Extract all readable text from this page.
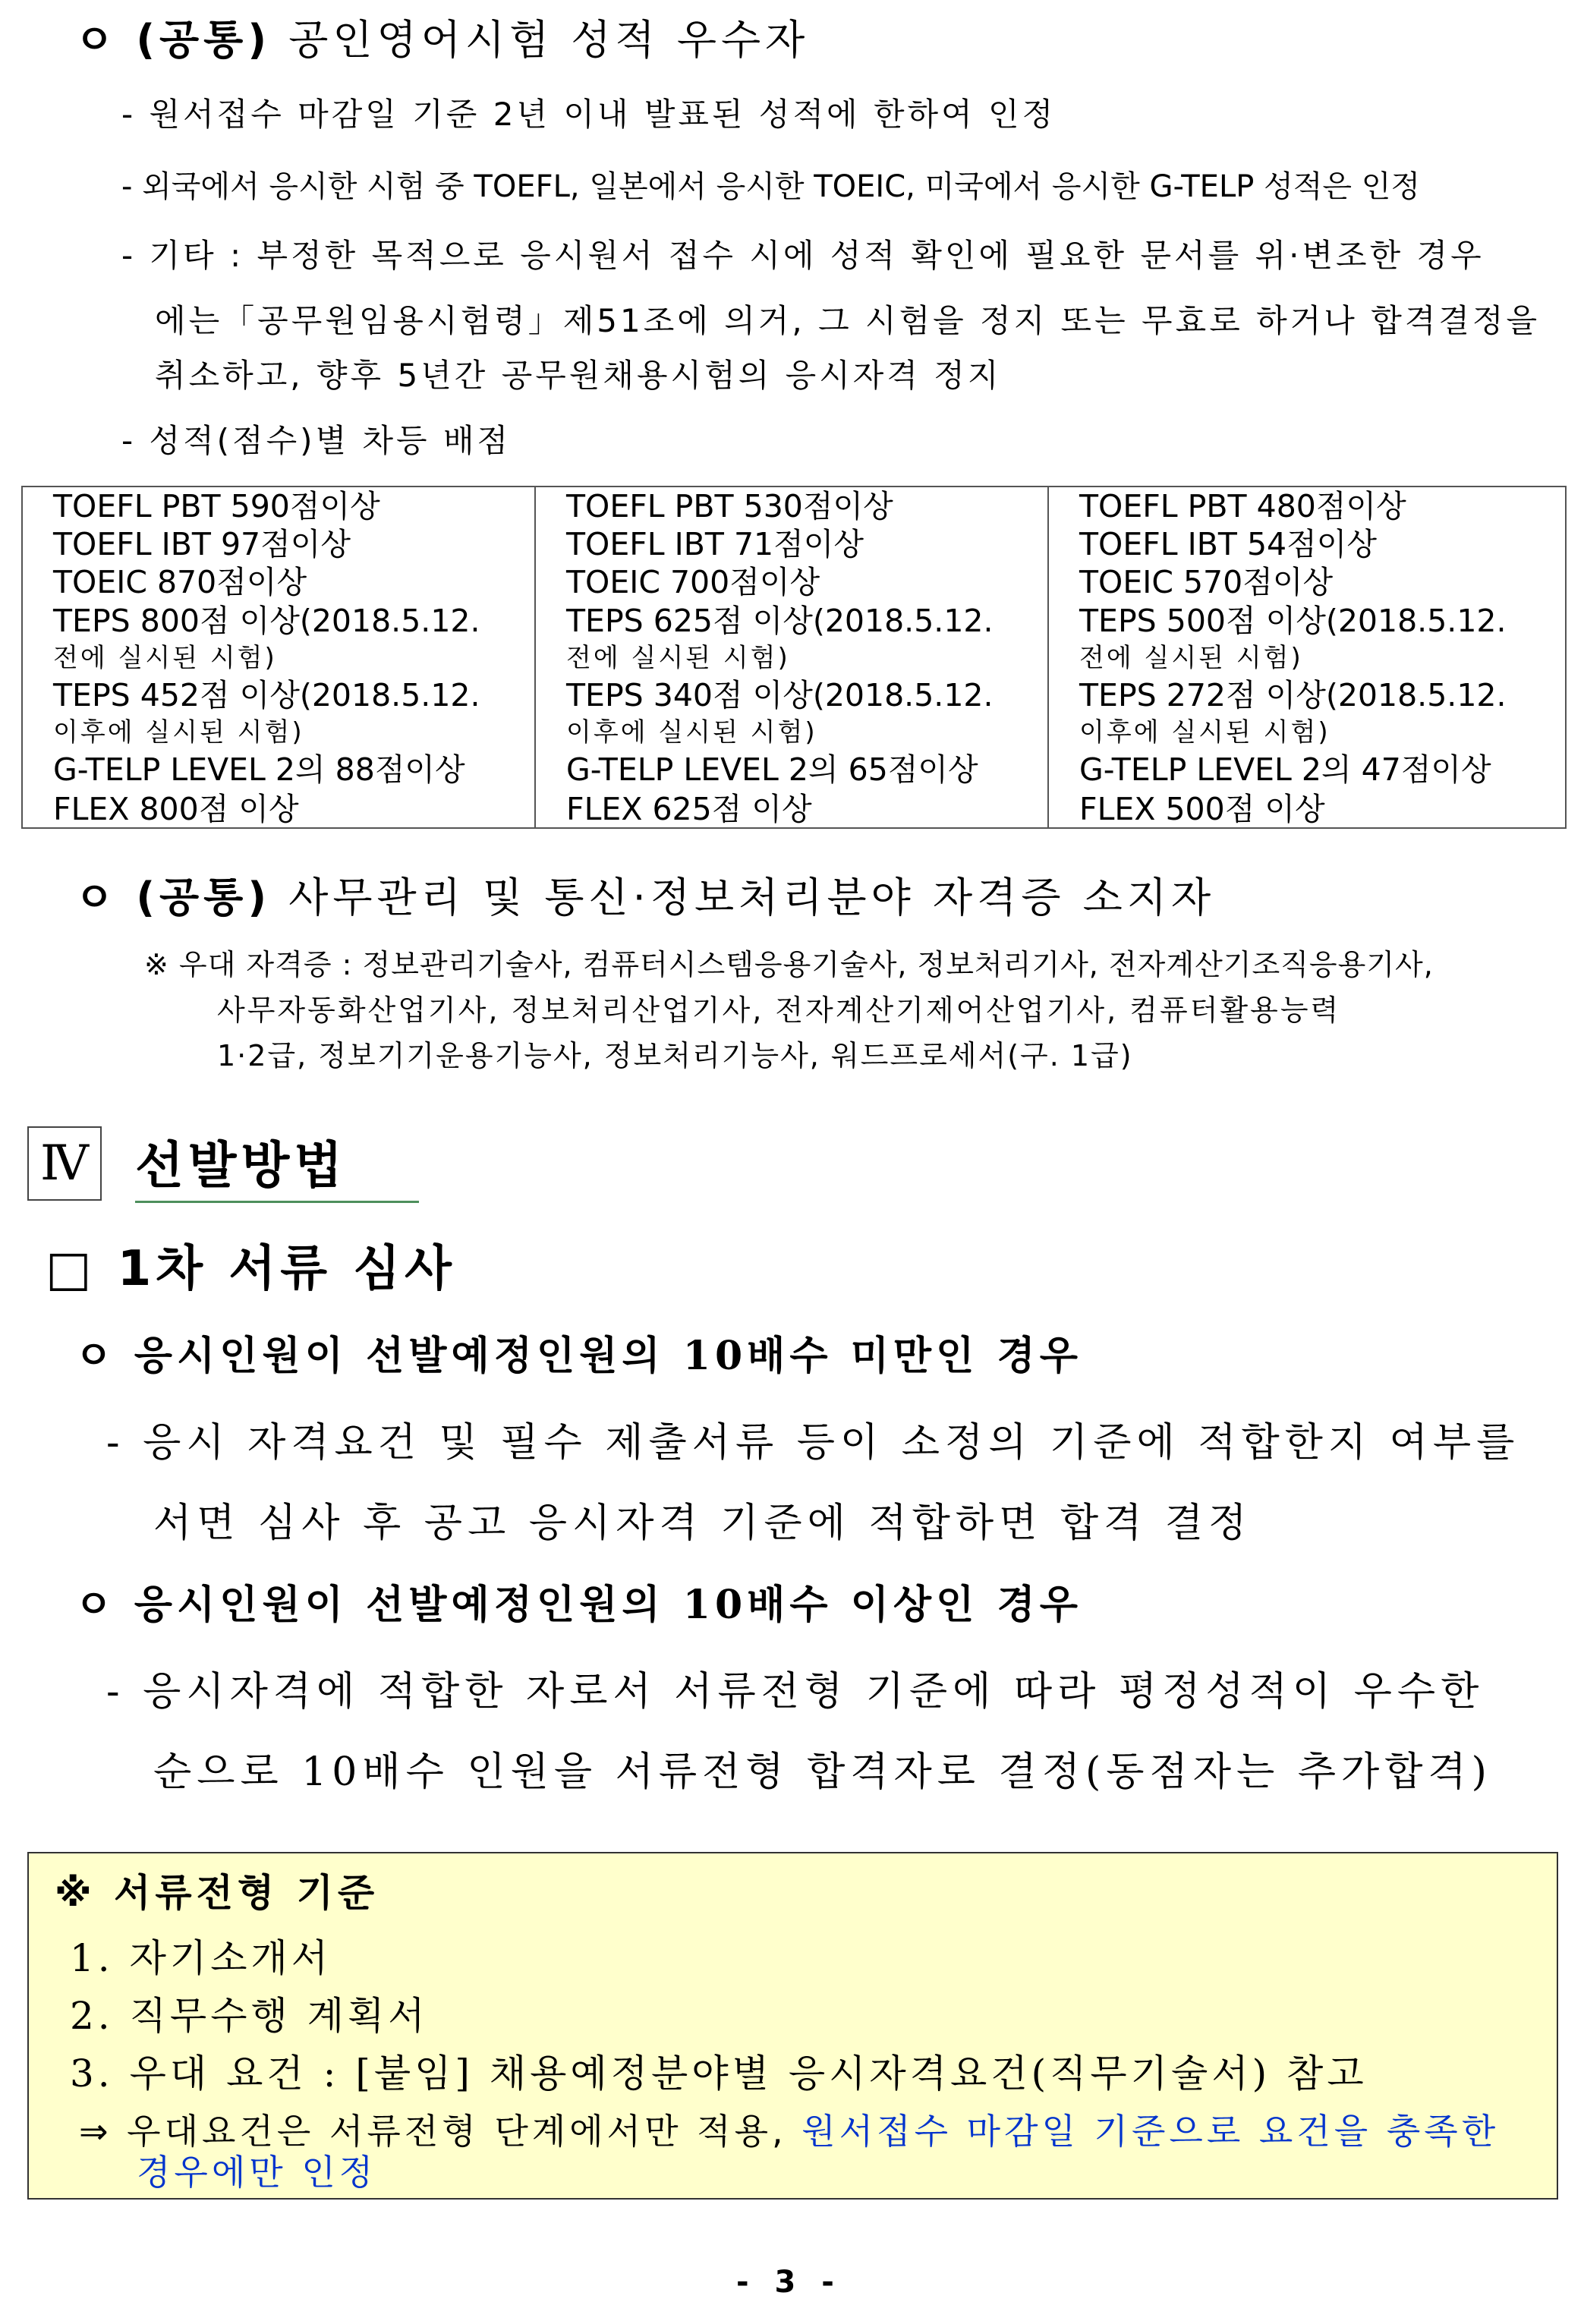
ㅇ (공통) 공인영어시험 성적 우수자
- 원서접수 마감일 기준 2년 이내 발표된 성적에 한하여 인정
- 외국에서 응시한 시험 중 TOEFL, 일본에서 응시한 TOEIC, 미국에서 응시한 G-TELP 성적은 인정
- 기타 : 부정한 목적으로 응시원서 접수 시에 성적 확인에 필요한 문서를 위·변조한 경우
에는「공무원임용시험령」제51조에 의거, 그 시험을 정지 또는 무효로 하거나 합격결정을
취소하고, 향후 5년간 공무원채용시험의 응시자격 정지
- 성적(점수)별 차등 배점
TOEFL PBT 590점이상
TOEFL IBT 97점이상
TOEIC 870점이상
TEPS 800점 이상(2018.5.12.
전에 실시된 시험)
TEPS 452점 이상(2018.5.12.
이후에 실시된 시험)
G-TELP LEVEL 2의 88점이상
FLEX 800점 이상
TOEFL PBT 530점이상
TOEFL IBT 71점이상
TOEIC 700점이상
TEPS 625점 이상(2018.5.12.
전에 실시된 시험)
TEPS 340점 이상(2018.5.12.
이후에 실시된 시험)
G-TELP LEVEL 2의 65점이상
FLEX 625점 이상
TOEFL PBT 480점이상
TOEFL IBT 54점이상
TOEIC 570점이상
TEPS 500점 이상(2018.5.12.
전에 실시된 시험)
TEPS 272점 이상(2018.5.12.
이후에 실시된 시험)
G-TELP LEVEL 2의 47점이상
FLEX 500점 이상
ㅇ (공통) 사무관리 및 통신·정보처리분야 자격증 소지자
※ 우대 자격증 : 정보관리기술사, 컴퓨터시스템응용기술사, 정보처리기사, 전자계산기조직응용기사,
사무자동화산업기사, 정보처리산업기사, 전자계산기제어산업기사, 컴퓨터활용능력
1·2급, 정보기기운용기능사, 정보처리기능사, 워드프로세서(구. 1급)
Ⅳ 선발방법
□ 1차 서류 심사
ㅇ 응시인원이 선발예정인원의 10배수 미만인 경우
- 응시 자격요건 및 필수 제출서류 등이 소정의 기준에 적합한지 여부를
서면 심사 후 공고 응시자격 기준에 적합하면 합격 결정
ㅇ 응시인원이 선발예정인원의 10배수 이상인 경우
- 응시자격에 적합한 자로서 서류전형 기준에 따라 평정성적이 우수한
순으로 10배수 인원을 서류전형 합격자로 결정(동점자는 추가합격)
※ 서류전형 기준
1. 자기소개서
2. 직무수행 계획서
3. 우대 요건 : [붙임] 채용예정분야별 응시자격요건(직무기술서) 참고
⇒ 우대요건은 서류전형 단계에서만 적용, 원서접수 마감일 기준으로 요건을 충족한
경우에만 인정
- 3 -
